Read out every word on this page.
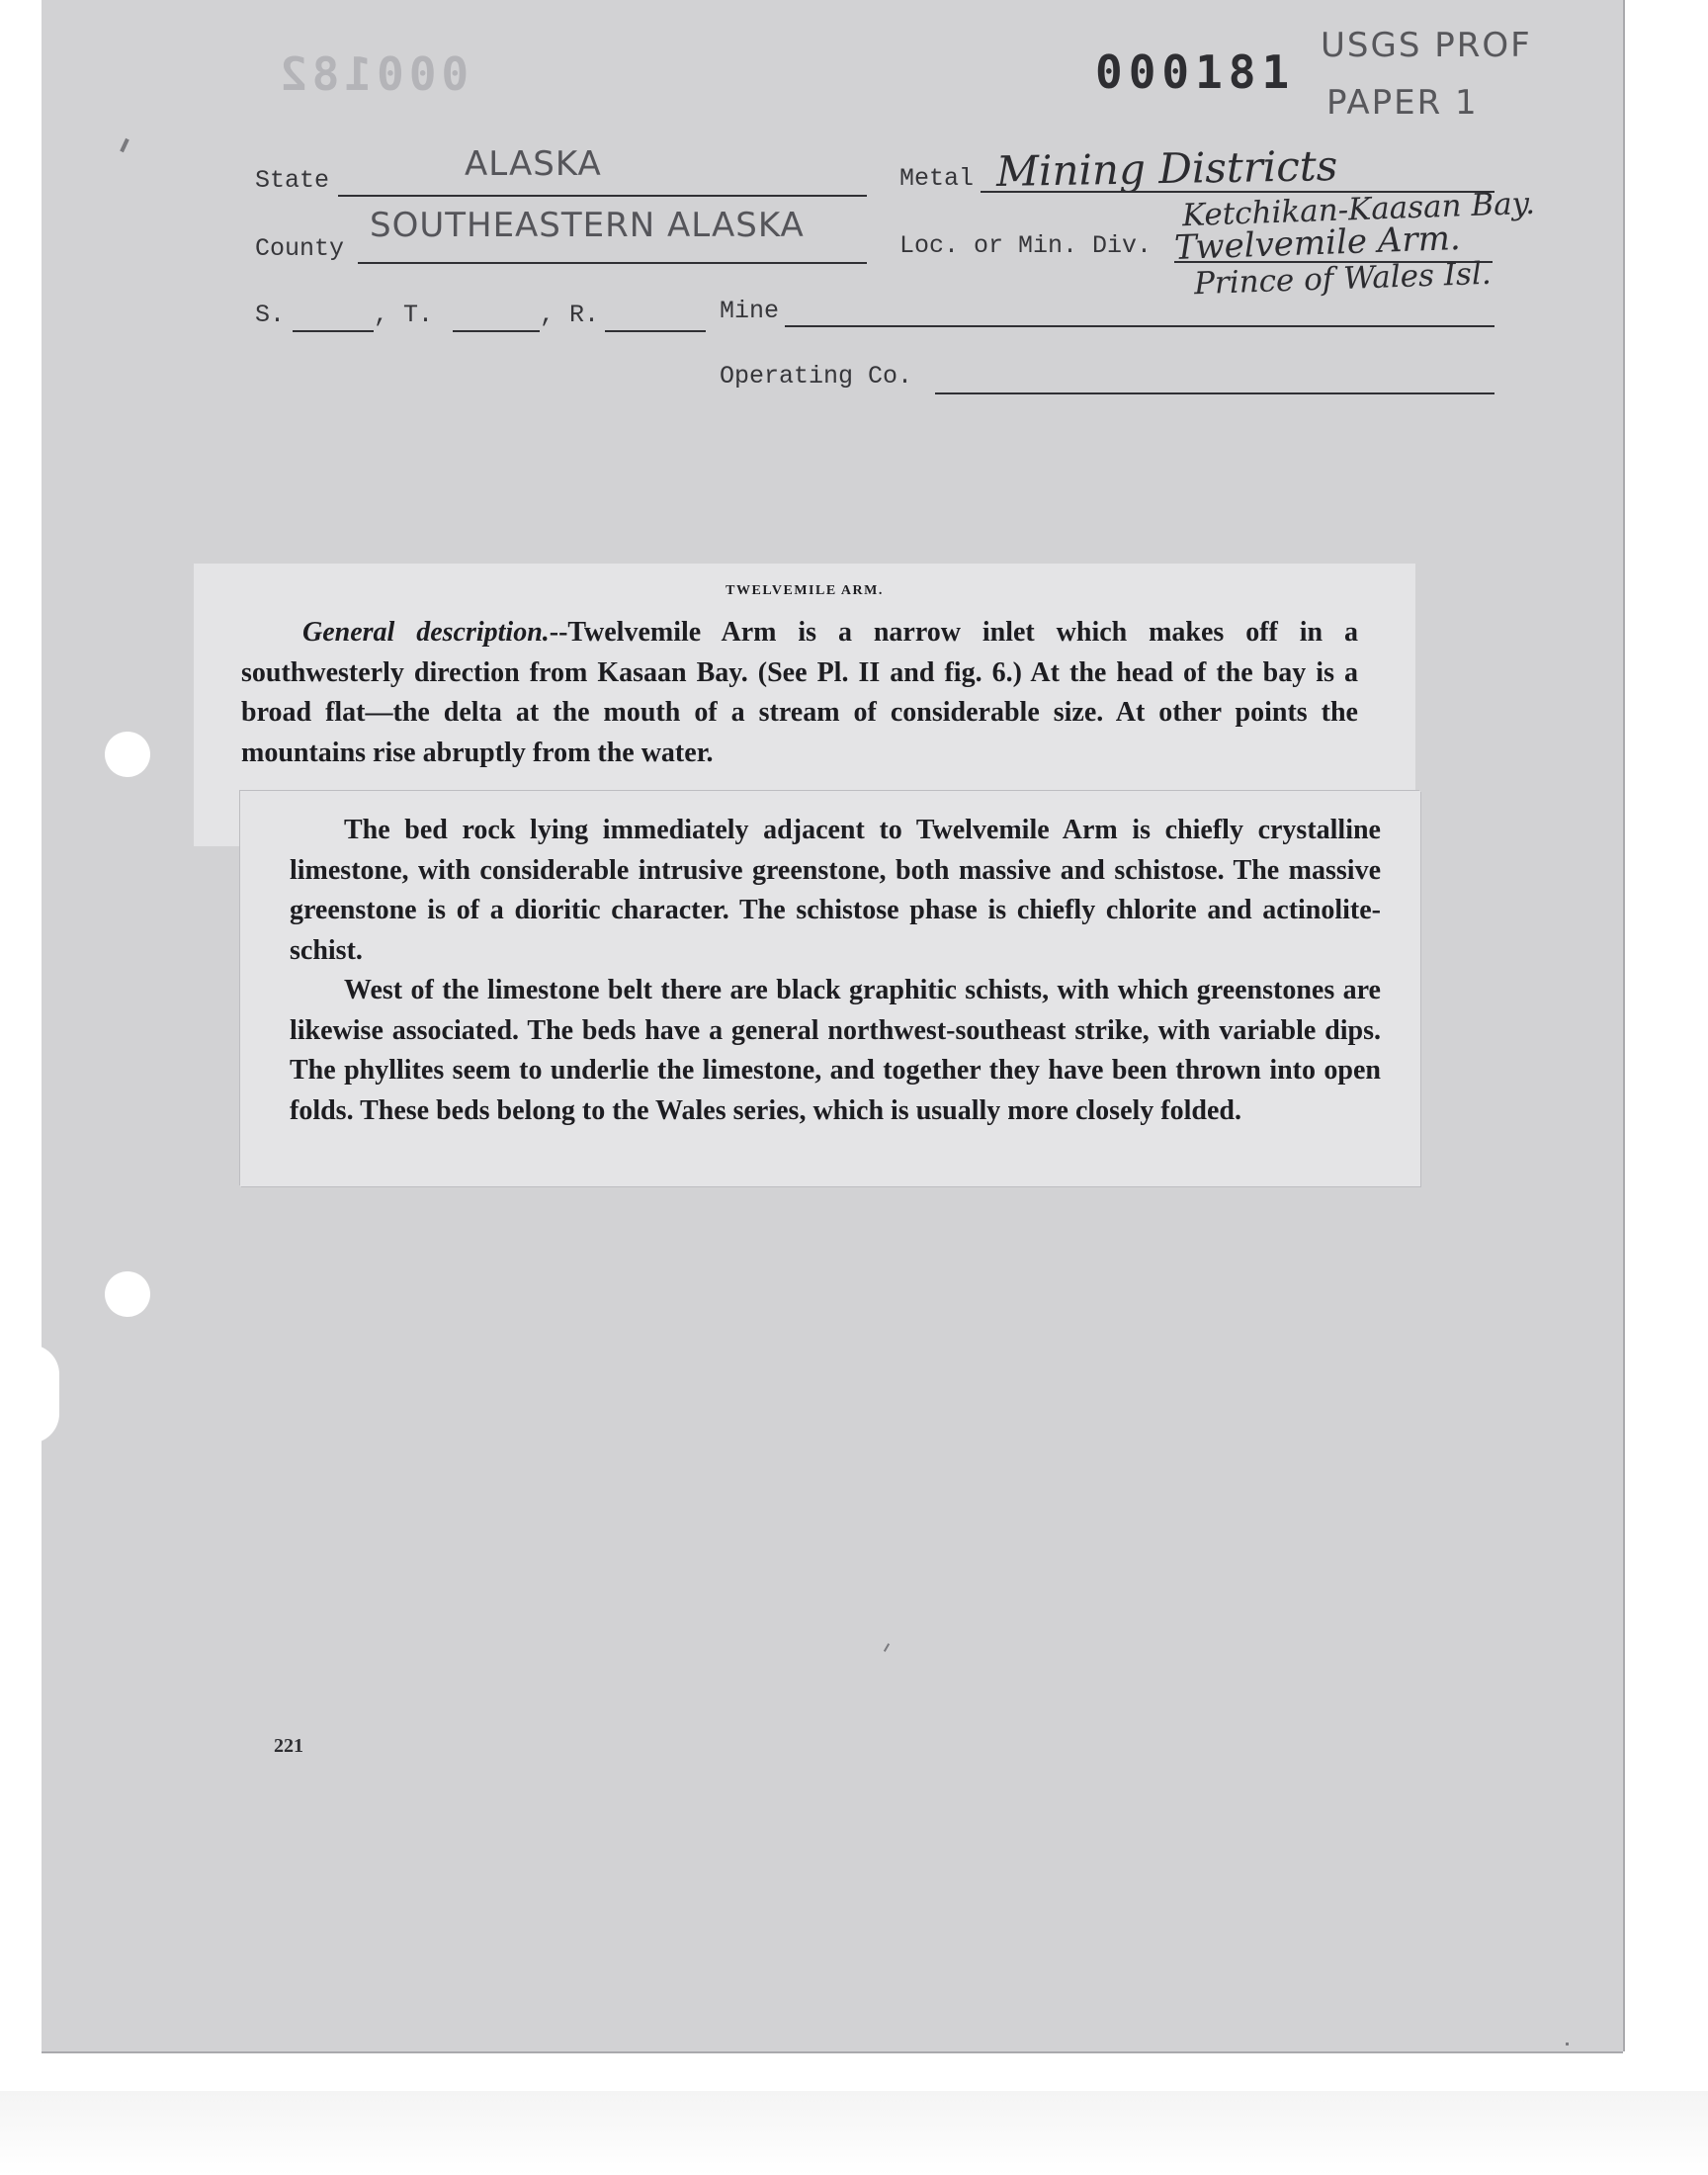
000182	000181 USGS PROF
PAPER 1
State	ALASKA
County
SOUTHEASTERN ALASKA
S.	, T.	, R.
Metal Mining Districts
Ketchikan-Kaasan Bay.
Loc. or Min. Div. Twelvemile Arm.
Prince of Wales Isl.
Mine
Operating Co.
TWELVEMILE ARM.

General description.--Twelvemile Arm is a narrow inlet which makes off in a southwesterly direction from Kasaan Bay. (See Pl. II and fig. 6.) At the head of the bay is a broad flat—the delta at the mouth of a stream of considerable size. At other points the mountains rise abruptly from the water.

The bed rock lying immediately adjacent to Twelvemile Arm is chiefly crystalline limestone, with considerable intrusive greenstone, both massive and schistose. The massive greenstone is of a dioritic character. The schistose phase is chiefly chlorite and actinolite-schist.

West of the limestone belt there are black graphitic schists, with which greenstones are likewise associated. The beds have a general northwest-southeast strike, with variable dips. The phyllites seem to underlie the limestone, and together they have been thrown into open folds. These beds belong to the Wales series, which is usually more closely folded.

221
